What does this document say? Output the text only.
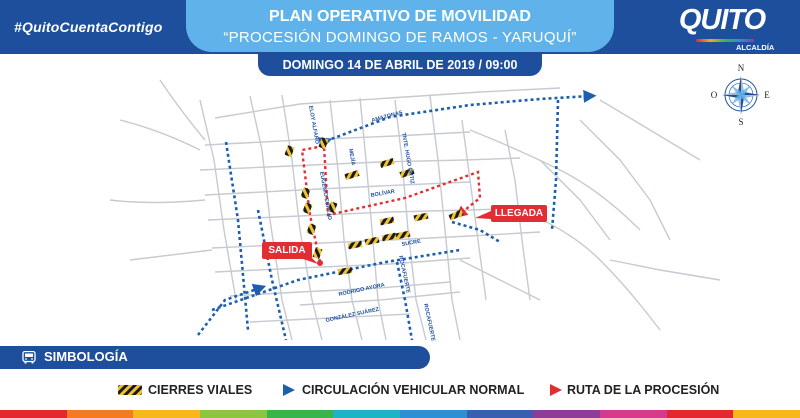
#QuitoCuentaContigo	QUITO
ALCALDÍA
PLAN OPERATIVO DE MOVILIDAD
“PROCESIÓN DOMINGO DE RAMOS - YARUQUÍ”
DOMINGO 14 DE ABRIL DE 2019 / 09:00
ELOY ALFARO	AMAZONAS
MEJÍA	TNTE. HUGO ORTIZ
EUGENIO ESPEJO	BOLÍVAR
SUCRE
RODRIGO AYORA ROCAFUERTE
GONZÁLEZ SUÁREZ	ROCAFUERTE
N
S
E
O
SALIDA
LLEGADA
SIMBOLOGÍA
CIERRES VIALES	CIRCULACIÓN VEHICULAR NORMAL	RUTA DE LA PROCESIÓN
